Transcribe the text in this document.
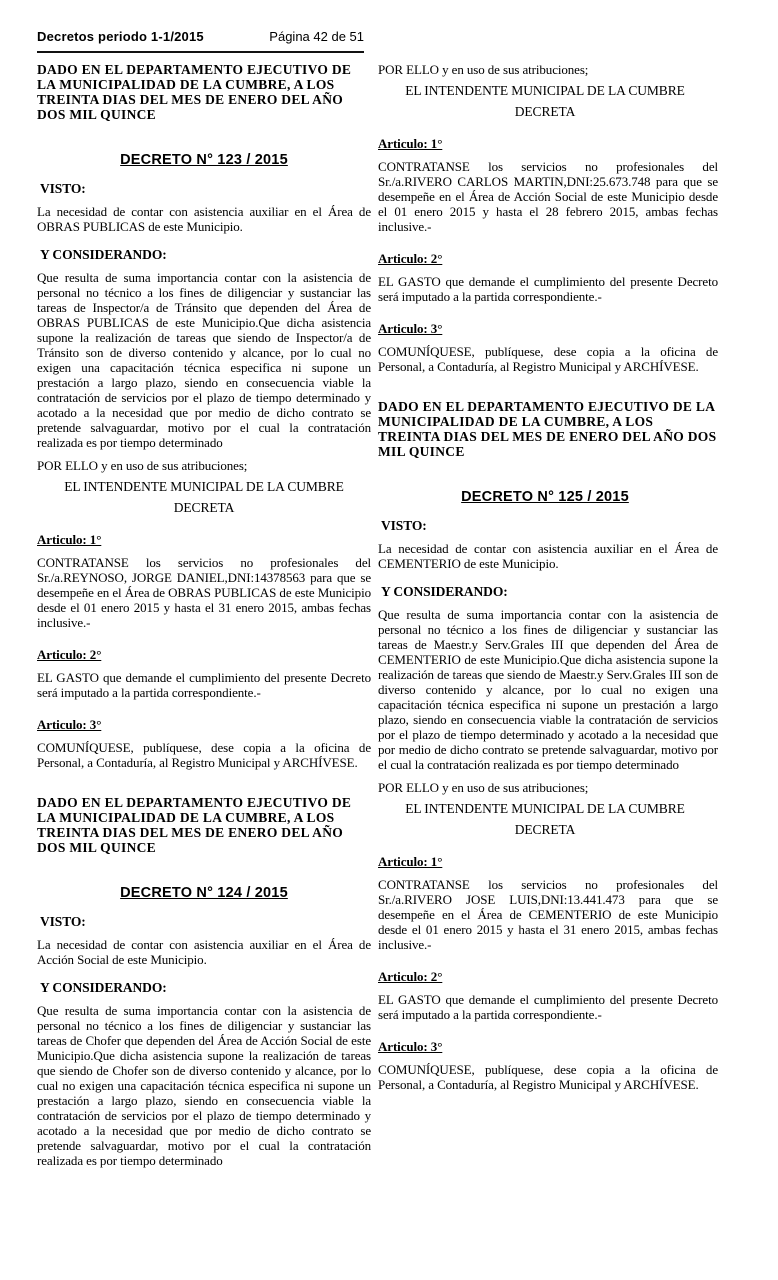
Decretos periodo 1-1/2015	Página 42 de 51

DADO EN EL DEPARTAMENTO EJECUTIVO DE LA MUNICIPALIDAD DE LA CUMBRE, A LOS TREINTA DIAS DEL MES DE ENERO DEL AÑO DOS MIL QUINCE

DECRETO N° 123 / 2015

VISTO:

La necesidad de contar con asistencia auxiliar en el Área de OBRAS PUBLICAS de este Municipio.

Y CONSIDERANDO:

Que resulta de suma importancia contar con la asistencia de personal no técnico a los fines de diligenciar y sustanciar las tareas de Inspector/a de Tránsito que dependen del Área de OBRAS PUBLICAS de este Municipio.Que dicha asistencia supone la realización de tareas que siendo de Inspector/a de Tránsito son de diverso contenido y alcance, por lo cual no exigen una capacitación técnica especifica ni supone un prestación a largo plazo, siendo en consecuencia viable la contratación de servicios por el plazo de tiempo determinado y acotado a la necesidad que por medio de dicho contrato se pretende salvaguardar, motivo por el cual la contratación realizada es por tiempo determinado

POR ELLO y en uso de sus atribuciones;

EL INTENDENTE MUNICIPAL DE LA CUMBRE

DECRETA

Articulo: 1°

CONTRATANSE los servicios no profesionales del Sr./a.REYNOSO, JORGE DANIEL,DNI:14378563 para que se desempeñe en el Área de OBRAS PUBLICAS de este Municipio desde el 01 enero 2015 y hasta el 31 enero 2015, ambas fechas inclusive.-

Articulo: 2°

EL GASTO que demande el cumplimiento del presente Decreto será imputado a la partida correspondiente.-

Articulo: 3°

COMUNÍQUESE, publíquese, dese copia a la oficina de Personal, a Contaduría, al Registro Municipal y ARCHÍVESE.

DADO EN EL DEPARTAMENTO EJECUTIVO DE LA MUNICIPALIDAD DE LA CUMBRE, A LOS TREINTA DIAS DEL MES DE ENERO DEL AÑO DOS MIL QUINCE

DECRETO N° 124 / 2015

VISTO:

La necesidad de contar con asistencia auxiliar en el Área de Acción Social de este Municipio.

Y CONSIDERANDO:

Que resulta de suma importancia contar con la asistencia de personal no técnico a los fines de diligenciar y sustanciar las tareas de Chofer que dependen del Área de Acción Social de este Municipio.Que dicha asistencia supone la realización de tareas que siendo de Chofer son de diverso contenido y alcance, por lo cual no exigen una capacitación técnica especifica ni supone un prestación a largo plazo, siendo en consecuencia viable la contratación de servicios por el plazo de tiempo determinado y acotado a la necesidad que por medio de dicho contrato se pretende salvaguardar, motivo por el cual la contratación realizada es por tiempo determinado

POR ELLO y en uso de sus atribuciones;

EL INTENDENTE MUNICIPAL DE LA CUMBRE

DECRETA

Articulo: 1°

CONTRATANSE los servicios no profesionales del Sr./a.RIVERO CARLOS MARTIN,DNI:25.673.748 para que se desempeñe en el Área de Acción Social de este Municipio desde el 01 enero 2015 y hasta el 28 febrero 2015, ambas fechas inclusive.-

Articulo: 2°

EL GASTO que demande el cumplimiento del presente Decreto será imputado a la partida correspondiente.-

Articulo: 3°

COMUNÍQUESE, publíquese, dese copia a la oficina de Personal, a Contaduría, al Registro Municipal y ARCHÍVESE.

DADO EN EL DEPARTAMENTO EJECUTIVO DE LA MUNICIPALIDAD DE LA CUMBRE, A LOS TREINTA DIAS DEL MES DE ENERO DEL AÑO DOS MIL QUINCE

DECRETO N° 125 / 2015

VISTO:

La necesidad de contar con asistencia auxiliar en el Área de CEMENTERIO de este Municipio.

Y CONSIDERANDO:

Que resulta de suma importancia contar con la asistencia de personal no técnico a los fines de diligenciar y sustanciar las tareas de Maestr.y Serv.Grales III que dependen del Área de CEMENTERIO de este Municipio.Que dicha asistencia supone la realización de tareas que siendo de Maestr.y Serv.Grales III son de diverso contenido y alcance, por lo cual no exigen una capacitación técnica especifica ni supone un prestación a largo plazo, siendo en consecuencia viable la contratación de servicios por el plazo de tiempo determinado y acotado a la necesidad que por medio de dicho contrato se pretende salvaguardar, motivo por el cual la contratación realizada es por tiempo determinado

POR ELLO y en uso de sus atribuciones;

EL INTENDENTE MUNICIPAL DE LA CUMBRE

DECRETA

Articulo: 1°

CONTRATANSE los servicios no profesionales del Sr./a.RIVERO JOSE LUIS,DNI:13.441.473 para que se desempeñe en el Área de CEMENTERIO de este Municipio desde el 01 enero 2015 y hasta el 31 enero 2015, ambas fechas inclusive.-

Articulo: 2°

EL GASTO que demande el cumplimiento del presente Decreto será imputado a la partida correspondiente.-

Articulo: 3°

COMUNÍQUESE, publíquese, dese copia a la oficina de Personal, a Contaduría, al Registro Municipal y ARCHÍVESE.
